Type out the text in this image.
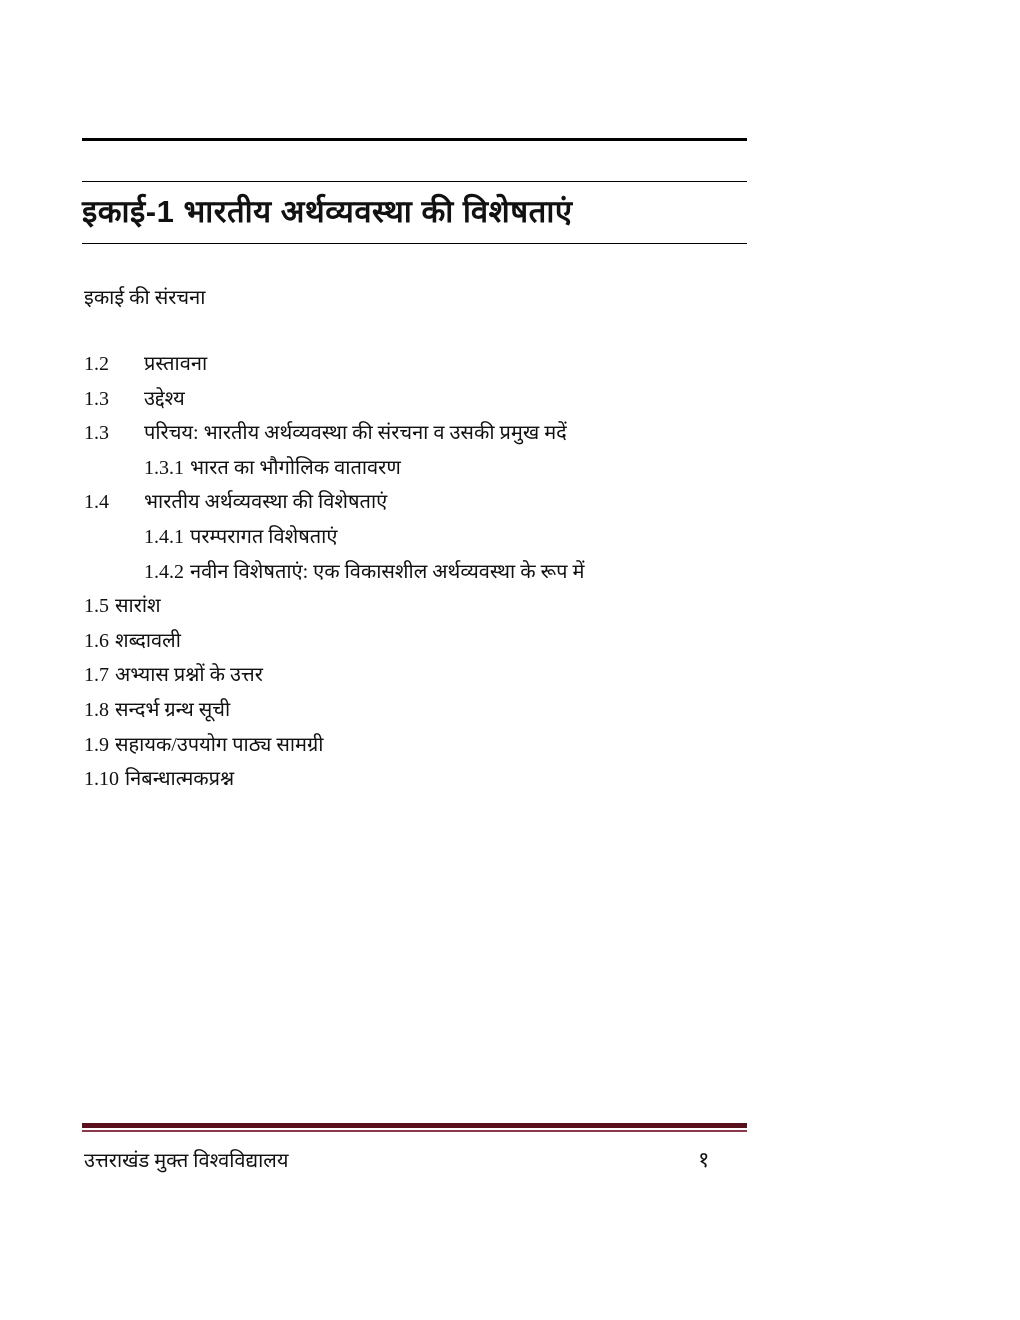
इकाई-1 भारतीय अर्थव्यवस्था की विशेषताएं
इकाई की संरचना
1.2	प्रस्तावना
1.3	उद्देश्य
1.3	परिचय: भारतीय अर्थव्यवस्था की संरचना व उसकी प्रमुख मदें
1.3.1 भारत का भौगोलिक वातावरण
1.4	भारतीय अर्थव्यवस्था की विशेषताएं
1.4.1 परम्परागत विशेषताएं
1.4.2 नवीन विशेषताएं: एक विकासशील अर्थव्यवस्था के रूप में
1.5 सारांश
1.6 शब्दावली
1.7 अभ्यास प्रश्नों के उत्तर
1.8 सन्दर्भ ग्रन्थ सूची
1.9 सहायक/उपयोग पाठ्य सामग्री
1.10 निबन्धात्मकप्रश्न
उत्तराखंड मुक्त विश्वविद्यालय	१
